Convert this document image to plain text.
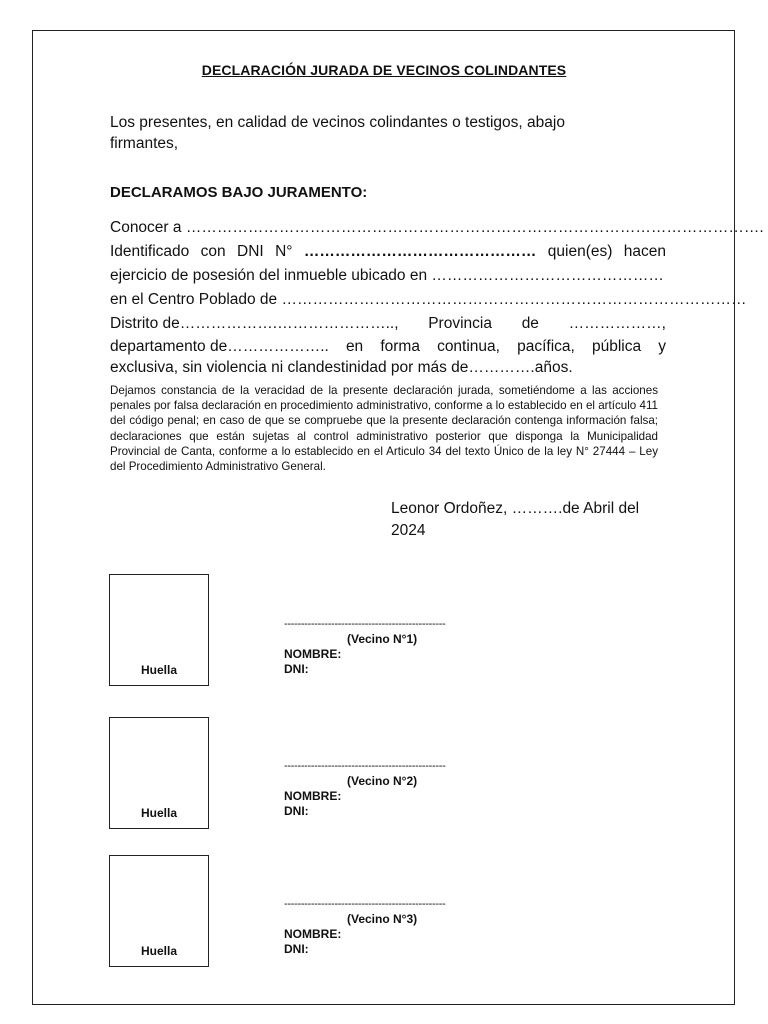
DECLARACIÓN JURADA DE VECINOS COLINDANTES
Los presentes, en calidad de vecinos colindantes o testigos, abajo firmantes,
DECLARAMOS BAJO JURAMENTO:
Conocer a ………………………………………………………………………………………………….
Identificado con DNI N° ……………………………………… quien(es) hacen
ejercicio de posesión del inmueble ubicado en ………………………………………
en el Centro Poblado de ………………………………………………………………………………
Distrito de……………….………………….., Provincia de ………………,
departamento de……………….. en forma continua, pacífica, pública y
exclusiva, sin violencia ni clandestinidad por más de………….años.
Dejamos constancia de la veracidad de la presente declaración jurada, sometiéndome a las acciones penales por falsa declaración en procedimiento administrativo, conforme a lo establecido en el artículo 411 del código penal; en caso de que se compruebe que la presente declaración contenga información falsa; declaraciones que están sujetas al control administrativo posterior que disponga la Municipalidad Provincial de Canta, conforme a lo establecido en el Articulo 34 del texto Único de la ley N° 27444 – Ley del Procedimiento Administrativo General.
Leonor Ordoñez, ……….de Abril del 2024
Huella
------------------------------------------------
(Vecino N°1)
NOMBRE:
DNI:
Huella
------------------------------------------------
(Vecino N°2)
NOMBRE:
DNI:
Huella
------------------------------------------------
(Vecino N°3)
NOMBRE:
DNI:
